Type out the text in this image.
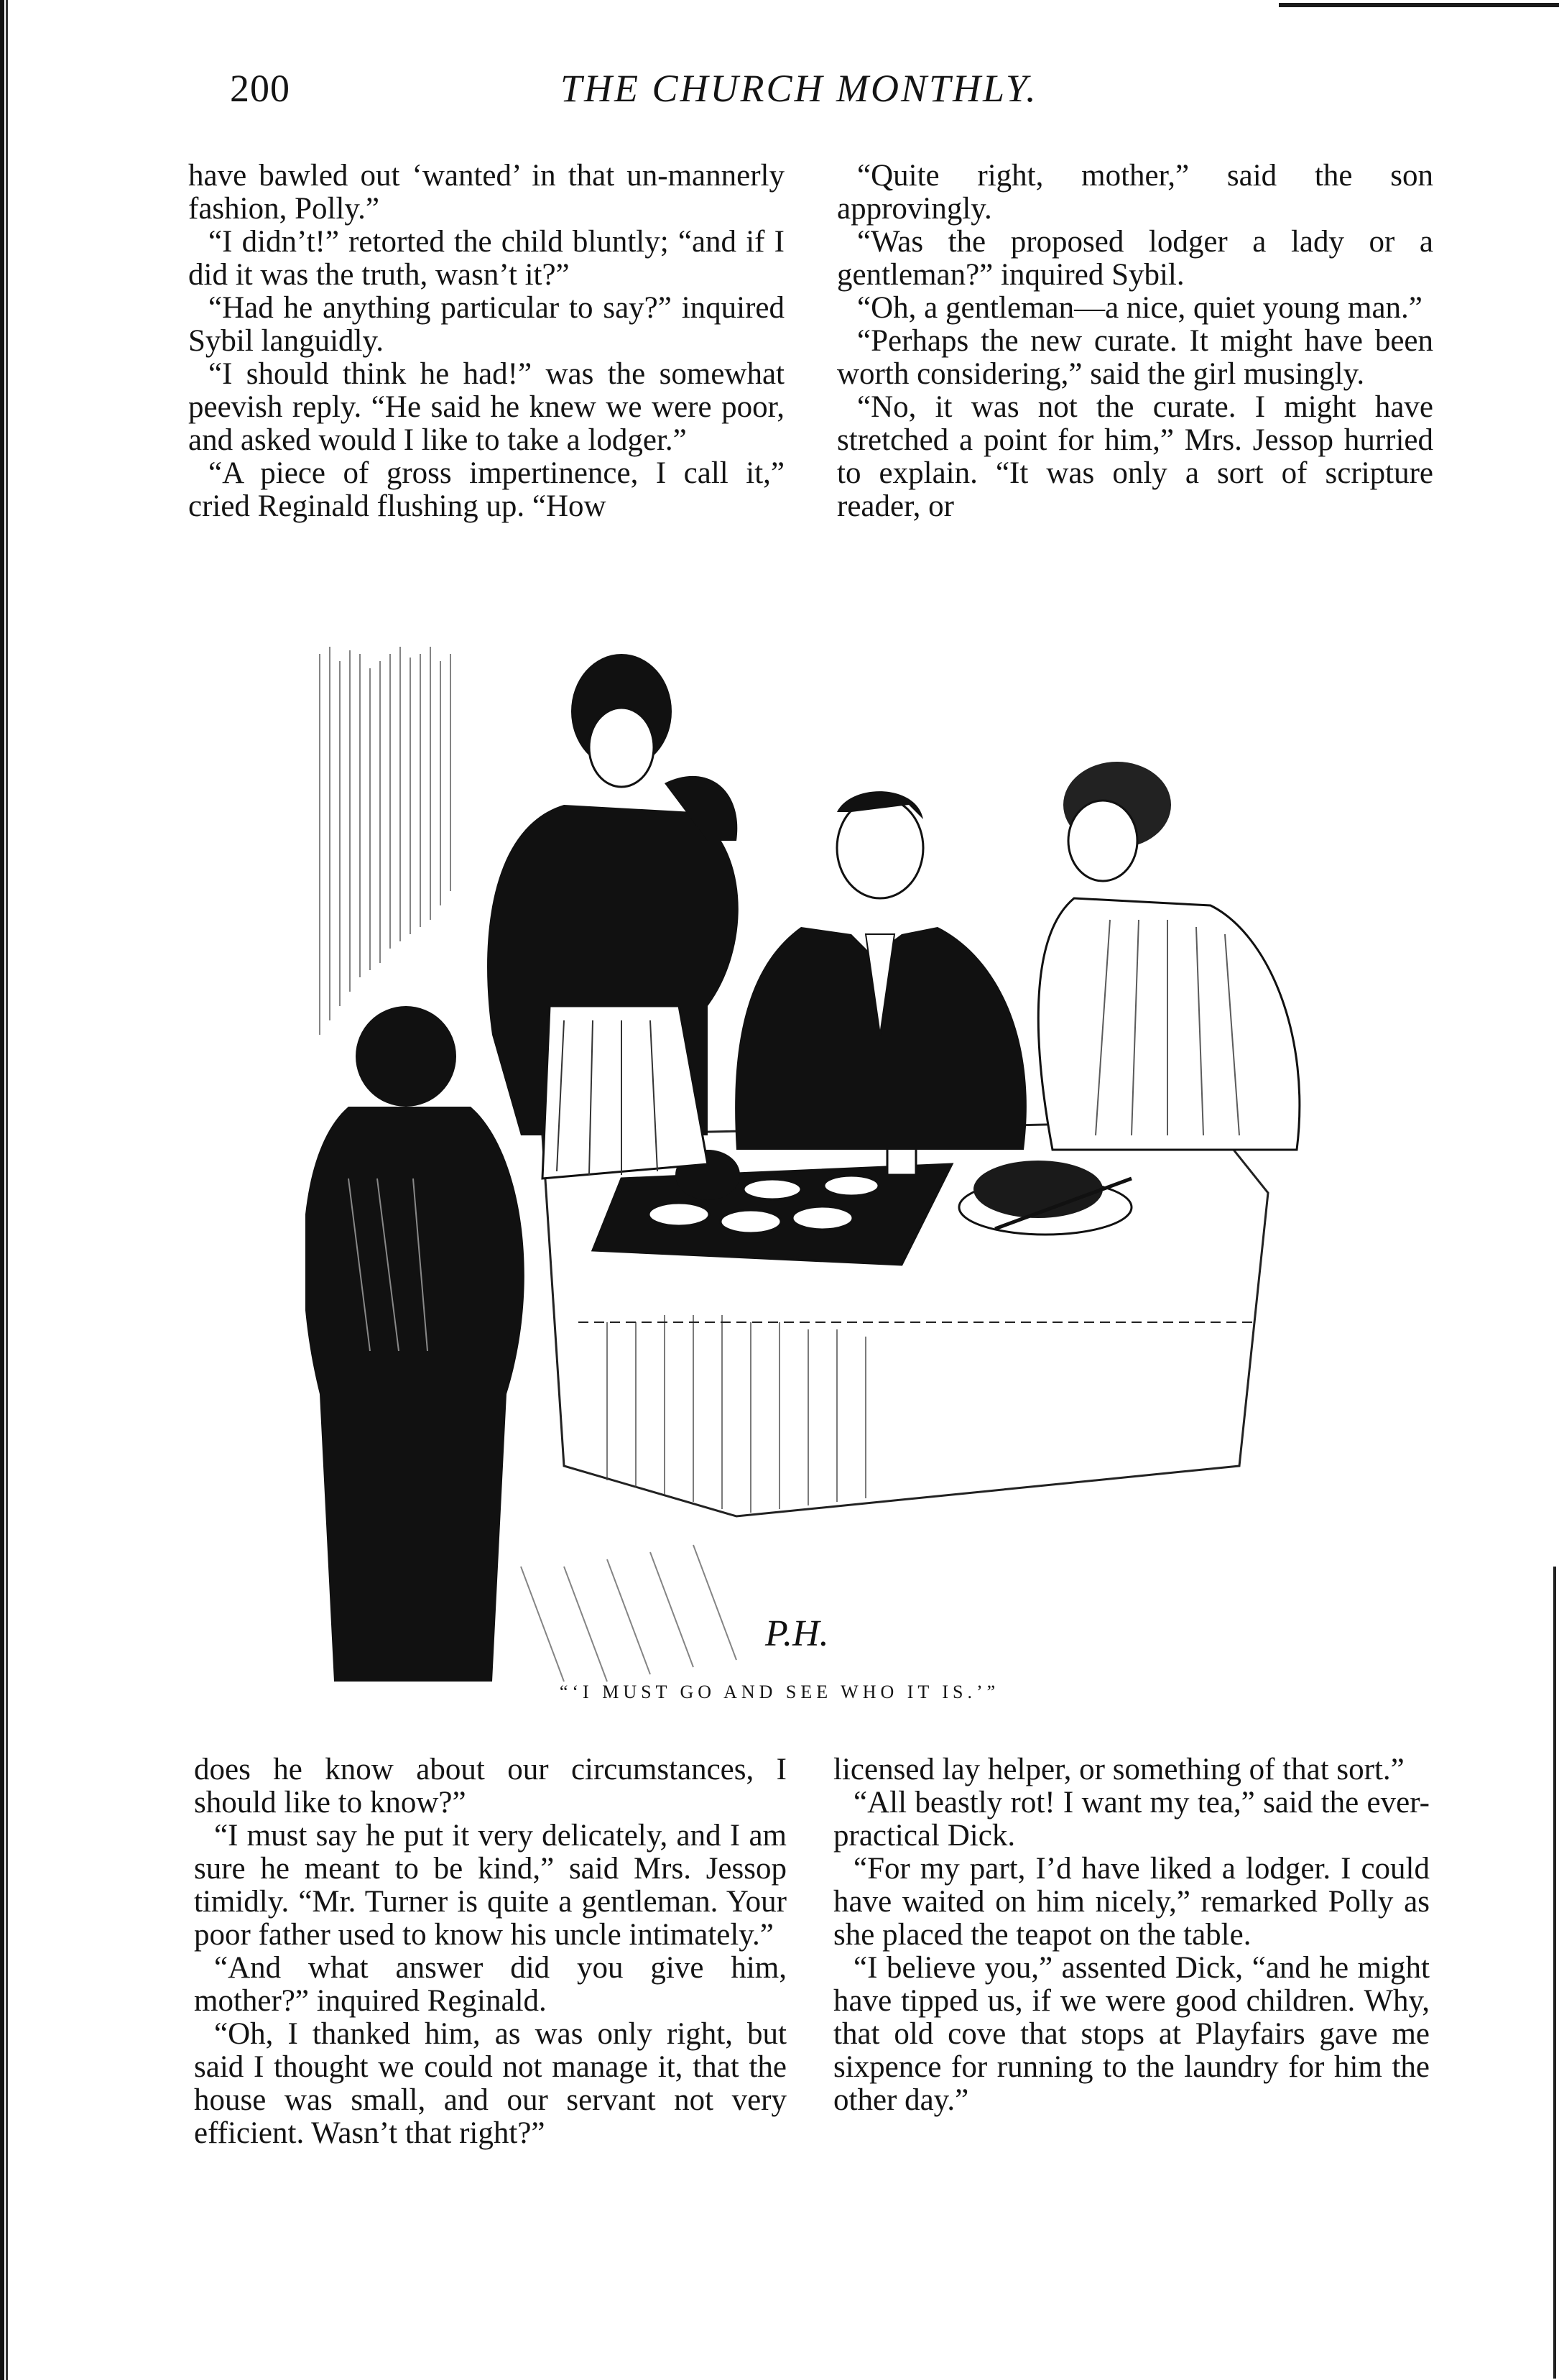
200	THE CHURCH MONTHLY.

have bawled out ‘wanted’ in that un-mannerly fashion, Polly.”

“I didn’t!” retorted the child bluntly; “and if I did it was the truth, wasn’t it?”

“Had he anything particular to say?” inquired Sybil languidly.

“I should think he had!” was the somewhat peevish reply. “He said he knew we were poor, and asked would I like to take a lodger.”

“A piece of gross impertinence, I call it,” cried Reginald flushing up. “How

“Quite right, mother,” said the son approvingly.

“Was the proposed lodger a lady or a gentleman?” inquired Sybil.

“Oh, a gentleman—a nice, quiet young man.”

“Perhaps the new curate. It might have been worth considering,” said the girl musingly.

“No, it was not the curate. I might have stretched a point for him,” Mrs. Jessop hurried to explain. “It was only a sort of scripture reader, or

P.H.
“‘I MUST GO AND SEE WHO IT IS.’”

does he know about our circumstances, I should like to know?”

“I must say he put it very delicately, and I am sure he meant to be kind,” said Mrs. Jessop timidly. “Mr. Turner is quite a gentleman. Your poor father used to know his uncle intimately.”

“And what answer did you give him, mother?” inquired Reginald.

“Oh, I thanked him, as was only right, but said I thought we could not manage it, that the house was small, and our servant not very efficient. Wasn’t that right?”

licensed lay helper, or something of that sort.”

“All beastly rot! I want my tea,” said the ever-practical Dick.

“For my part, I’d have liked a lodger. I could have waited on him nicely,” remarked Polly as she placed the teapot on the table.

“I believe you,” assented Dick, “and he might have tipped us, if we were good children. Why, that old cove that stops at Playfairs gave me sixpence for running to the laundry for him the other day.”
